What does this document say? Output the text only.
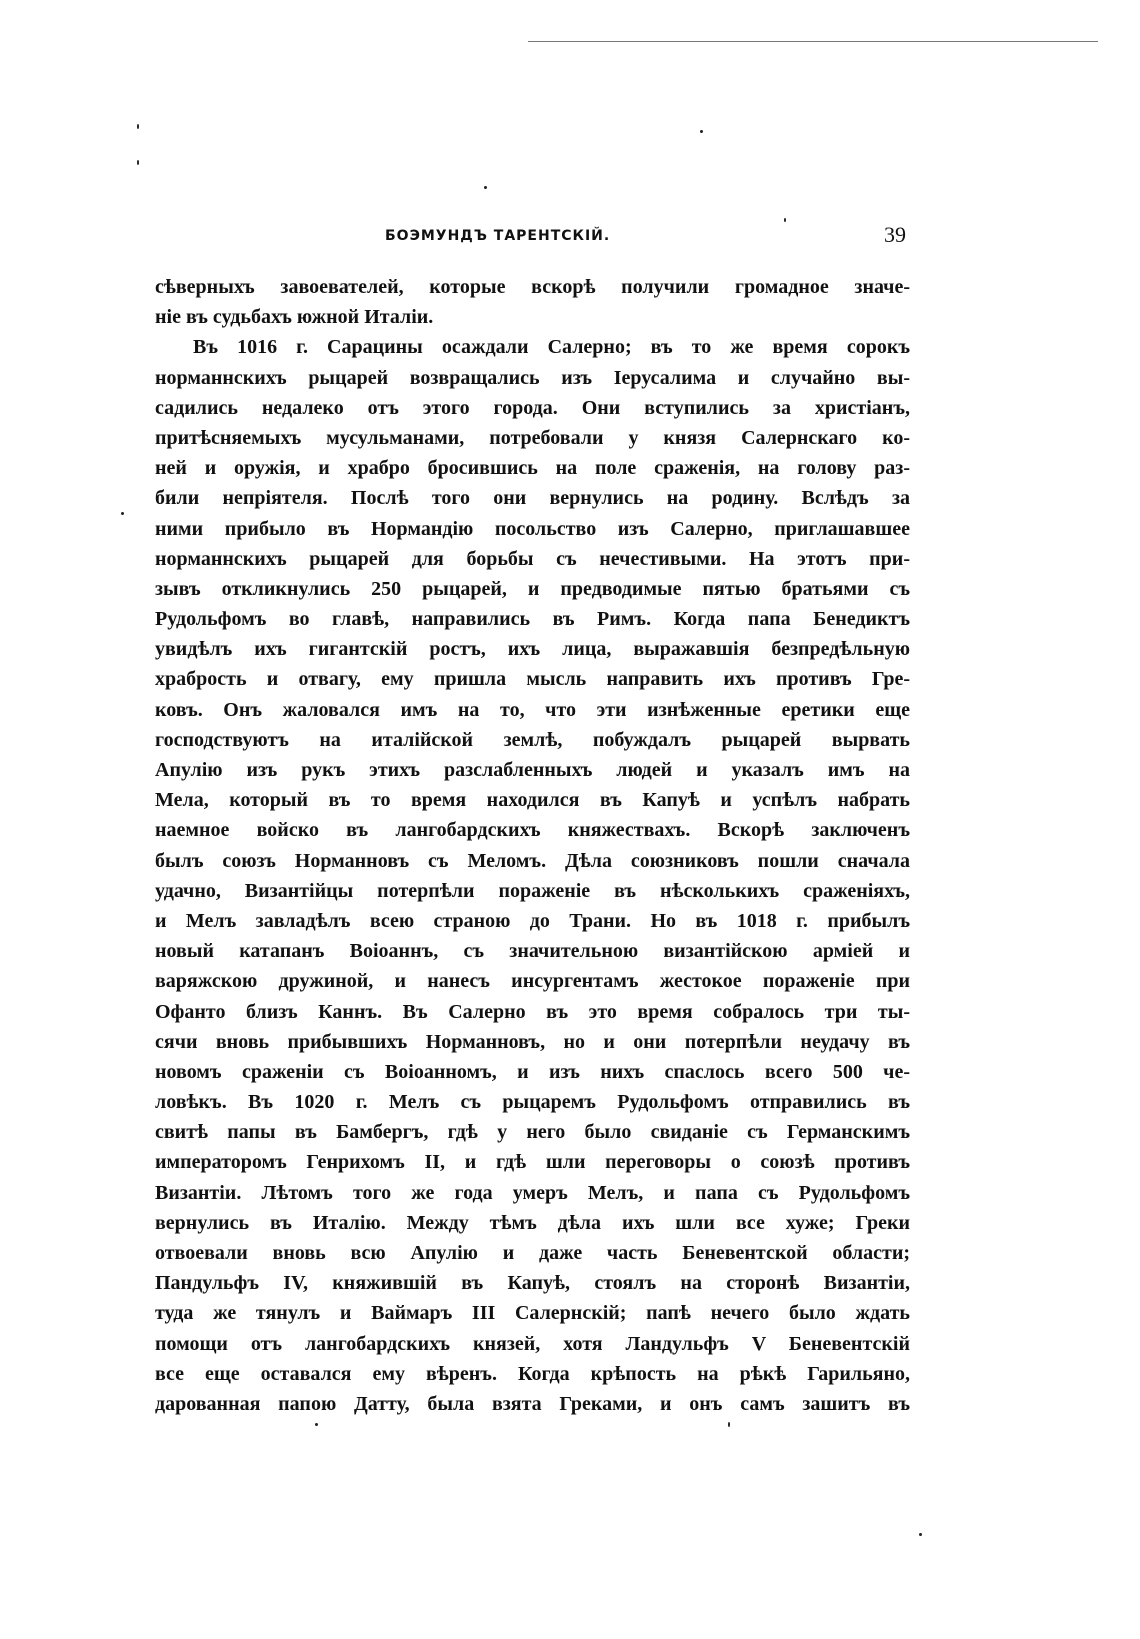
БОЭМУНДЪ ТАРЕНТСКІЙ.	39
сѣверныхъ завоевателей, которые вскорѣ получили громадное значе-
ніе въ судьбахъ южной Италіи.
Въ 1016 г. Сарацины осаждали Салерно; въ то же время сорокъ
норманнскихъ рыцарей возвращались изъ Іерусалима и случайно вы-
садились недалеко отъ этого города. Они вступились за христіанъ,
притѣсняемыхъ мусульманами, потребовали у князя Салернскаго ко-
ней и оружія, и храбро бросившись на поле сраженія, на голову раз-
били непріятеля. Послѣ того они вернулись на родину. Вслѣдъ за
ними прибыло въ Нормандію посольство изъ Салерно, приглашавшее
норманнскихъ рыцарей для борьбы съ нечестивыми. На этотъ при-
зывъ откликнулись 250 рыцарей, и предводимые пятью братьями съ
Рудольфомъ во главѣ, направились въ Римъ. Когда папа Бенедиктъ
увидѣлъ ихъ гигантскій ростъ, ихъ лица, выражавшія безпредѣльную
храбрость и отвагу, ему пришла мысль направить ихъ противъ Гре-
ковъ. Онъ жаловался имъ на то, что эти изнѣженные еретики еще
господствуютъ на италійской землѣ, побуждалъ рыцарей вырвать
Апулію изъ рукъ этихъ разслабленныхъ людей и указалъ имъ на
Мела, который въ то время находился въ Капуѣ и успѣлъ набрать
наемное войско въ лангобардскихъ княжествахъ. Вскорѣ заключенъ
былъ союзъ Норманновъ съ Меломъ. Дѣла союзниковъ пошли сначала
удачно, Византійцы потерпѣли пораженіе въ нѣсколькихъ сраженіяхъ,
и Мелъ завладѣлъ всею страною до Трани. Но въ 1018 г. прибылъ
новый катапанъ Воіоаннъ, съ значительною византійскою арміей и
варяжскою дружиной, и нанесъ инсургентамъ жестокое пораженіе при
Офанто близъ Каннъ. Въ Салерно въ это время собралось три ты-
сячи вновь прибывшихъ Норманновъ, но и они потерпѣли неудачу въ
новомъ сраженіи съ Воіоанномъ, и изъ нихъ спаслось всего 500 че-
ловѣкъ. Въ 1020 г. Мелъ съ рыцаремъ Рудольфомъ отправились въ
свитѣ папы въ Бамбергъ, гдѣ у него было свиданіе съ Германскимъ
императоромъ Генрихомъ II, и гдѣ шли переговоры о союзѣ противъ
Византіи. Лѣтомъ того же года умеръ Мелъ, и папа съ Рудольфомъ
вернулись въ Италію. Между тѣмъ дѣла ихъ шли все хуже; Греки
отвоевали вновь всю Апулію и даже часть Беневентской области;
Пандульфъ IV, княжившій въ Капуѣ, стоялъ на сторонѣ Византіи,
туда же тянулъ и Ваймаръ III Салернскій; папѣ нечего было ждать
помощи отъ лангобардскихъ князей, хотя Ландульфъ V Беневентскій
все еще оставался ему вѣренъ. Когда крѣпость на рѣкѣ Гарильяно,
дарованная папою Датту, была взята Греками, и онъ самъ зашитъ въ
